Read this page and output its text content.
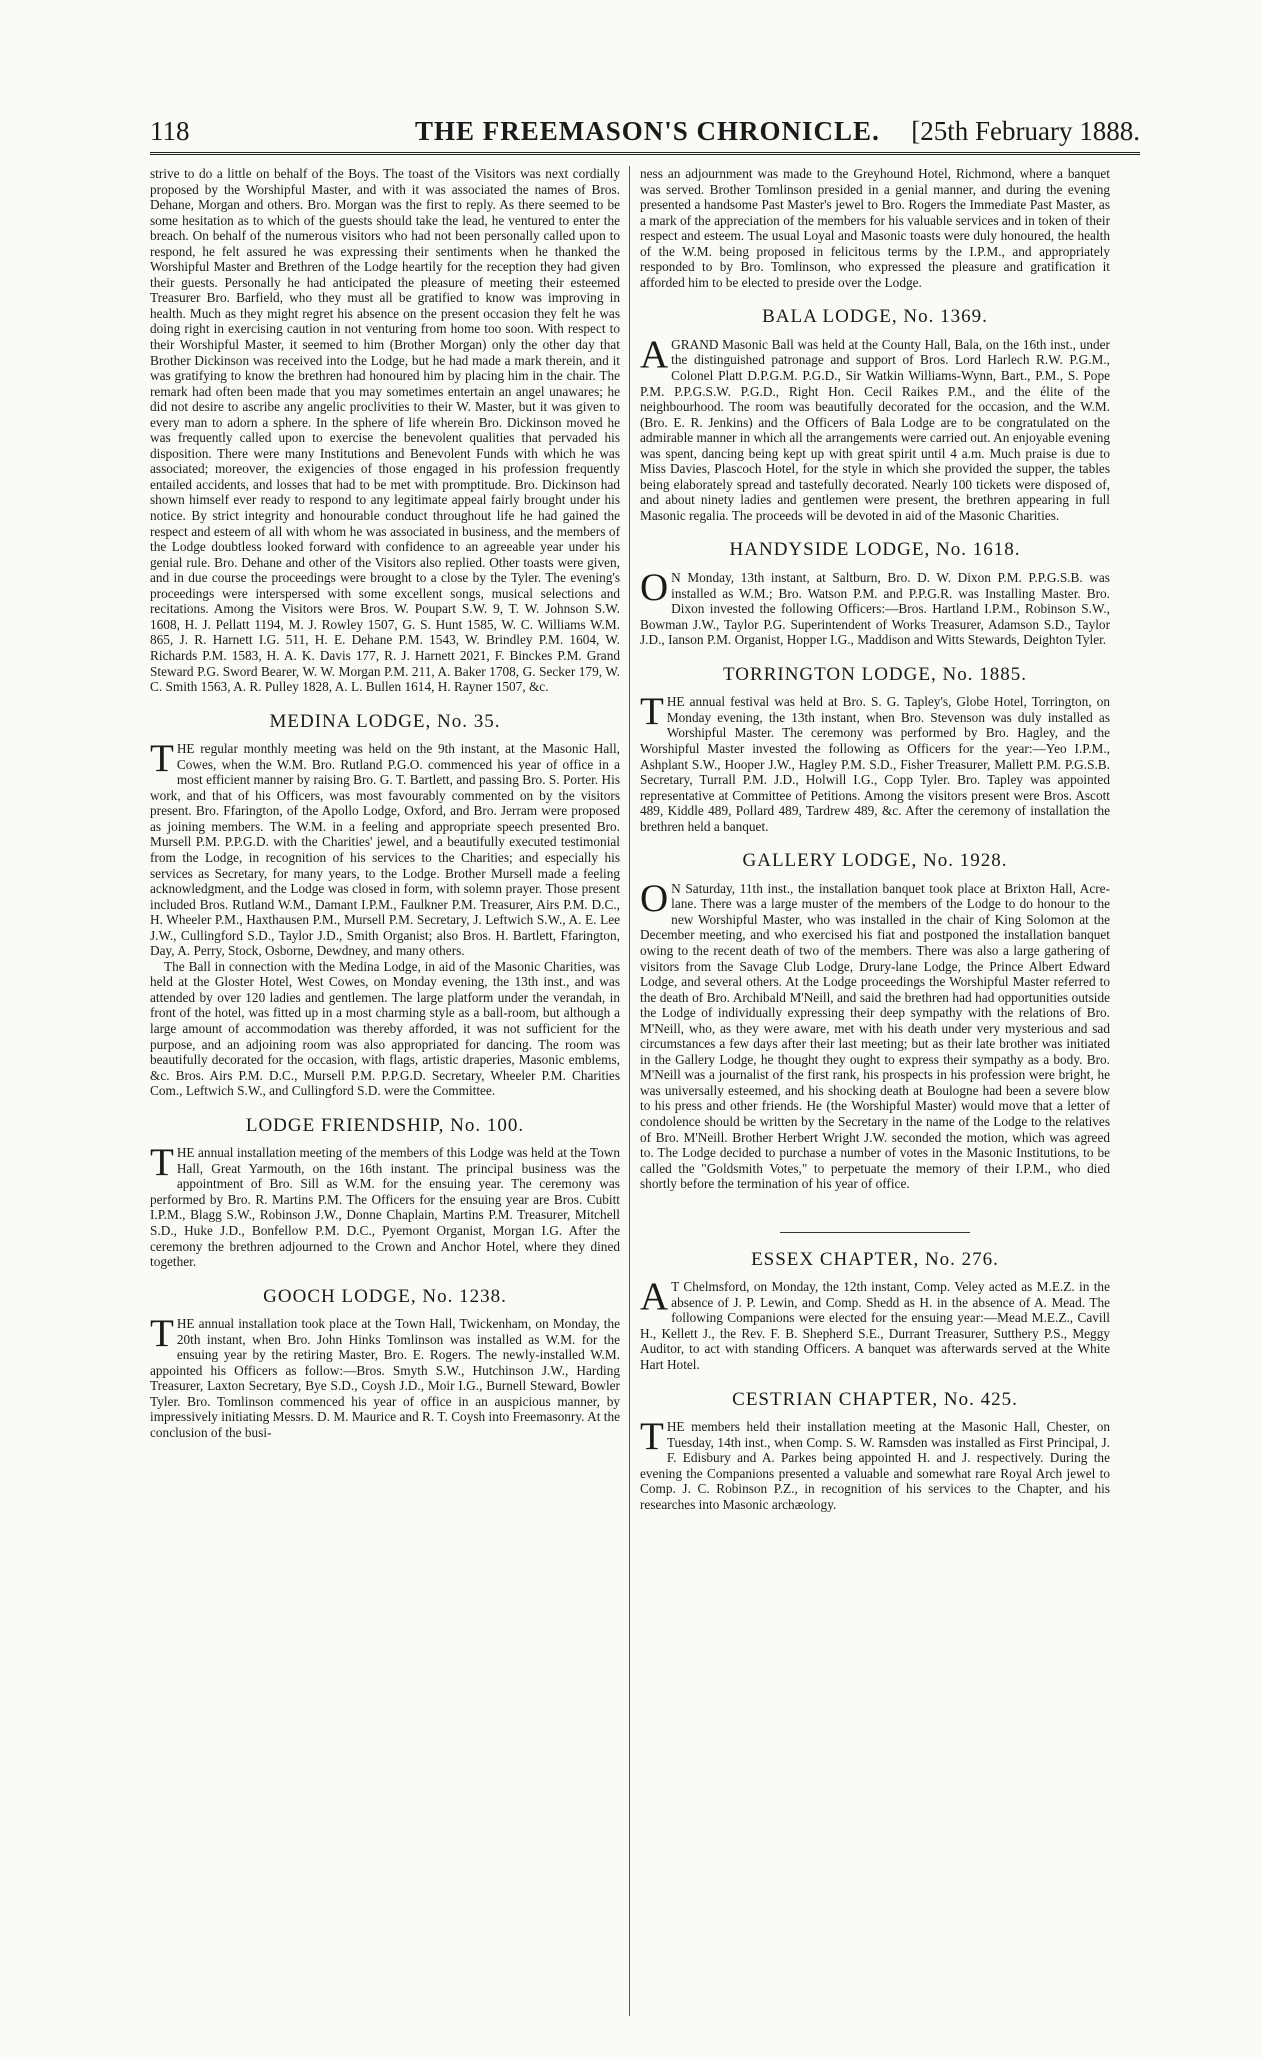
118	THE FREEMASON'S CHRONICLE. [25th February 1888.

strive to do a little on behalf of the Boys. The toast of the Visitors was next cordially proposed by the Worshipful Master, and with it was associated the names of Bros. Dehane, Morgan and others. Bro. Morgan was the first to reply. As there seemed to be some hesitation as to which of the guests should take the lead, he ventured to enter the breach. On behalf of the numerous visitors who had not been personally called upon to respond, he felt assured he was expressing their sentiments when he thanked the Worshipful Master and Brethren of the Lodge heartily for the reception they had given their guests. Personally he had anticipated the pleasure of meeting their esteemed Treasurer Bro. Barfield, who they must all be gratified to know was improving in health. Much as they might regret his absence on the present occasion they felt he was doing right in exercising caution in not venturing from home too soon. With respect to their Worshipful Master, it seemed to him (Brother Morgan) only the other day that Brother Dickinson was received into the Lodge, but he had made a mark therein, and it was gratifying to know the brethren had honoured him by placing him in the chair. The remark had often been made that you may sometimes entertain an angel unawares; he did not desire to ascribe any angelic proclivities to their W. Master, but it was given to every man to adorn a sphere. In the sphere of life wherein Bro. Dickinson moved he was frequently called upon to exercise the benevolent qualities that pervaded his disposition. There were many Institutions and Benevolent Funds with which he was associated; moreover, the exigencies of those engaged in his profession frequently entailed accidents, and losses that had to be met with promptitude. Bro. Dickinson had shown himself ever ready to respond to any legitimate appeal fairly brought under his notice. By strict integrity and honourable conduct throughout life he had gained the respect and esteem of all with whom he was associated in business, and the members of the Lodge doubtless looked forward with confidence to an agreeable year under his genial rule. Bro. Dehane and other of the Visitors also replied. Other toasts were given, and in due course the proceedings were brought to a close by the Tyler. The evening's proceedings were interspersed with some excellent songs, musical selections and recitations. Among the Visitors were Bros. W. Poupart S.W. 9, T. W. Johnson S.W. 1608, H. J. Pellatt 1194, M. J. Rowley 1507, G. S. Hunt 1585, W. C. Williams W.M. 865, J. R. Harnett I.G. 511, H. E. Dehane P.M. 1543, W. Brindley P.M. 1604, W. Richards P.M. 1583, H. A. K. Davis 177, R. J. Harnett 2021, F. Binckes P.M. Grand Steward P.G. Sword Bearer, W. W. Morgan P.M. 211, A. Baker 1708, G. Secker 179, W. C. Smith 1563, A. R. Pulley 1828, A. L. Bullen 1614, H. Rayner 1507, &c.

MEDINA LODGE, No. 35.

THE regular monthly meeting was held on the 9th instant, at the Masonic Hall, Cowes, when the W.M. Bro. Rutland P.G.O. commenced his year of office in a most efficient manner by raising Bro. G. T. Bartlett, and passing Bro. S. Porter. His work, and that of his Officers, was most favourably commented on by the visitors present. Bro. Ffarington, of the Apollo Lodge, Oxford, and Bro. Jerram were proposed as joining members. The W.M. in a feeling and appropriate speech presented Bro. Mursell P.M. P.P.G.D. with the Charities' jewel, and a beautifully executed testimonial from the Lodge, in recognition of his services to the Charities; and especially his services as Secretary, for many years, to the Lodge. Brother Mursell made a feeling acknowledgment, and the Lodge was closed in form, with solemn prayer. Those present included Bros. Rutland W.M., Damant I.P.M., Faulkner P.M. Treasurer, Airs P.M. D.C., H. Wheeler P.M., Haxthausen P.M., Mursell P.M. Secretary, J. Leftwich S.W., A. E. Lee J.W., Cullingford S.D., Taylor J.D., Smith Organist; also Bros. H. Bartlett, Ffarington, Day, A. Perry, Stock, Osborne, Dewdney, and many others.

The Ball in connection with the Medina Lodge, in aid of the Masonic Charities, was held at the Gloster Hotel, West Cowes, on Monday evening, the 13th inst., and was attended by over 120 ladies and gentlemen. The large platform under the verandah, in front of the hotel, was fitted up in a most charming style as a ball-room, but although a large amount of accommodation was thereby afforded, it was not sufficient for the purpose, and an adjoining room was also appropriated for dancing. The room was beautifully decorated for the occasion, with flags, artistic draperies, Masonic emblems, &c. Bros. Airs P.M. D.C., Mursell P.M. P.P.G.D. Secretary, Wheeler P.M. Charities Com., Leftwich S.W., and Cullingford S.D. were the Committee.

LODGE FRIENDSHIP, No. 100.

THE annual installation meeting of the members of this Lodge was held at the Town Hall, Great Yarmouth, on the 16th instant. The principal business was the appointment of Bro. Sill as W.M. for the ensuing year. The ceremony was performed by Bro. R. Martins P.M. The Officers for the ensuing year are Bros. Cubitt I.P.M., Blagg S.W., Robinson J.W., Donne Chaplain, Martins P.M. Treasurer, Mitchell S.D., Huke J.D., Bonfellow P.M. D.C., Pyemont Organist, Morgan I.G. After the ceremony the brethren adjourned to the Crown and Anchor Hotel, where they dined together.

GOOCH LODGE, No. 1238.

THE annual installation took place at the Town Hall, Twickenham, on Monday, the 20th instant, when Bro. John Hinks Tomlinson was installed as W.M. for the ensuing year by the retiring Master, Bro. E. Rogers. The newly-installed W.M. appointed his Officers as follow:—Bros. Smyth S.W., Hutchinson J.W., Harding Treasurer, Laxton Secretary, Bye S.D., Coysh J.D., Moir I.G., Burnell Steward, Bowler Tyler. Bro. Tomlinson commenced his year of office in an auspicious manner, by impressively initiating Messrs. D. M. Maurice and R. T. Coysh into Freemasonry. At the conclusion of the busi-

ness an adjournment was made to the Greyhound Hotel, Richmond, where a banquet was served. Brother Tomlinson presided in a genial manner, and during the evening presented a handsome Past Master's jewel to Bro. Rogers the Immediate Past Master, as a mark of the appreciation of the members for his valuable services and in token of their respect and esteem. The usual Loyal and Masonic toasts were duly honoured, the health of the W.M. being proposed in felicitous terms by the I.P.M., and appropriately responded to by Bro. Tomlinson, who expressed the pleasure and gratification it afforded him to be elected to preside over the Lodge.

BALA LODGE, No. 1369.

AGRAND Masonic Ball was held at the County Hall, Bala, on the 16th inst., under the distinguished patronage and support of Bros. Lord Harlech R.W. P.G.M., Colonel Platt D.P.G.M. P.G.D., Sir Watkin Williams-Wynn, Bart., P.M., S. Pope P.M. P.P.G.S.W. P.G.D., Right Hon. Cecil Raikes P.M., and the élite of the neighbourhood. The room was beautifully decorated for the occasion, and the W.M. (Bro. E. R. Jenkins) and the Officers of Bala Lodge are to be congratulated on the admirable manner in which all the arrangements were carried out. An enjoyable evening was spent, dancing being kept up with great spirit until 4 a.m. Much praise is due to Miss Davies, Plascoch Hotel, for the style in which she provided the supper, the tables being elaborately spread and tastefully decorated. Nearly 100 tickets were disposed of, and about ninety ladies and gentlemen were present, the brethren appearing in full Masonic regalia. The proceeds will be devoted in aid of the Masonic Charities.

HANDYSIDE LODGE, No. 1618.

O N Monday, 13th instant, at Saltburn, Bro. D. W. Dixon P.M. P.P.G.S.B. was installed as W.M.; Bro. Watson P.M. and P.P.G.R. was Installing Master. Bro. Dixon invested the following Officers:—Bros. Hartland I.P.M., Robinson S.W., Bowman J.W., Taylor P.G. Superintendent of Works Treasurer, Adamson S.D., Taylor J.D., Ianson P.M. Organist, Hopper I.G., Maddison and Witts Stewards, Deighton Tyler.

TORRINGTON LODGE, No. 1885.

THE annual festival was held at Bro. S. G. Tapley's, Globe Hotel, Torrington, on Monday evening, the 13th instant, when Bro. Stevenson was duly installed as Worshipful Master. The ceremony was performed by Bro. Hagley, and the Worshipful Master invested the following as Officers for the year:—Yeo I.P.M., Ashplant S.W., Hooper J.W., Hagley P.M. S.D., Fisher Treasurer, Mallett P.M. P.G.S.B. Secretary, Turrall P.M. J.D., Holwill I.G., Copp Tyler. Bro. Tapley was appointed representative at Committee of Petitions. Among the visitors present were Bros. Ascott 489, Kiddle 489, Pollard 489, Tardrew 489, &c. After the ceremony of installation the brethren held a banquet.

GALLERY LODGE, No. 1928.

O N Saturday, 11th inst., the installation banquet took place at Brixton Hall, Acre-lane. There was a large muster of the members of the Lodge to do honour to the new Worshipful Master, who was installed in the chair of King Solomon at the December meeting, and who exercised his fiat and postponed the installation banquet owing to the recent death of two of the members. There was also a large gathering of visitors from the Savage Club Lodge, Drury-lane Lodge, the Prince Albert Edward Lodge, and several others. At the Lodge proceedings the Worshipful Master referred to the death of Bro. Archibald M'Neill, and said the brethren had had opportunities outside the Lodge of individually expressing their deep sympathy with the relations of Bro. M'Neill, who, as they were aware, met with his death under very mysterious and sad circumstances a few days after their last meeting; but as their late brother was initiated in the Gallery Lodge, he thought they ought to express their sympathy as a body. Bro. M'Neill was a journalist of the first rank, his prospects in his profession were bright, he was universally esteemed, and his shocking death at Boulogne had been a severe blow to his press and other friends. He (the Worshipful Master) would move that a letter of condolence should be written by the Secretary in the name of the Lodge to the relatives of Bro. M'Neill. Brother Herbert Wright J.W. seconded the motion, which was agreed to. The Lodge decided to purchase a number of votes in the Masonic Institutions, to be called the "Goldsmith Votes," to perpetuate the memory of their I.P.M., who died shortly before the termination of his year of office.

ESSEX CHAPTER, No. 276.

A T Chelmsford, on Monday, the 12th instant, Comp. Veley acted as M.E.Z. in the absence of J. P. Lewin, and Comp. Shedd as H. in the absence of A. Mead. The following Companions were elected for the ensuing year:—Mead M.E.Z., Cavill H., Kellett J., the Rev. F. B. Shepherd S.E., Durrant Treasurer, Sutthery P.S., Meggy Auditor, to act with standing Officers. A banquet was afterwards served at the White Hart Hotel.

CESTRIAN CHAPTER, No. 425.

THE members held their installation meeting at the Masonic Hall, Chester, on Tuesday, 14th inst., when Comp. S. W. Ramsden was installed as First Principal, J. F. Edisbury and A. Parkes being appointed H. and J. respectively. During the evening the Companions presented a valuable and somewhat rare Royal Arch jewel to Comp. J. C. Robinson P.Z., in recognition of his services to the Chapter, and his researches into Masonic archæology.
